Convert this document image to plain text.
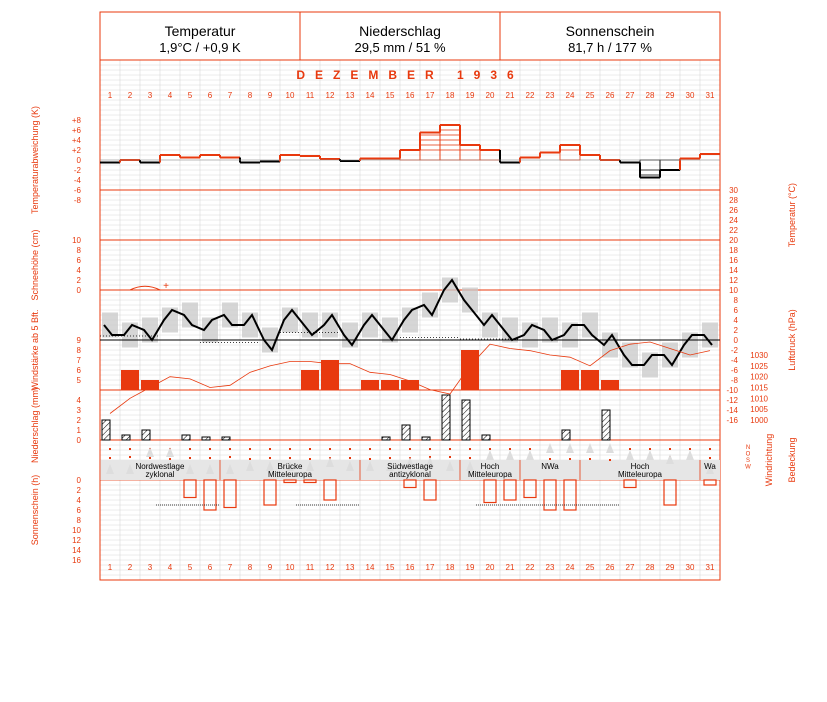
Temperatur
1,9°C / +0,9 K
Niederschlag
29,5 mm / 51 %
Sonnenschein
81,7 h / 177 %
DEZEMBER 1936
1
1
2
2
3
3
4
4
5
5
6
6
7
7
8
8
9
9
10
10
11
11
12
12
13
13
14
14
15
15
16
16
17
17
18
18
19
19
20
20
21
21
22
22
23
23
24
24
25
25
26
26
27
27
28
28
29
29
30
30
31
31
Temperaturabweichung (K)
Schneehöhe (cm)
Windstärke ab 5 Bft.
Niederschlag (mm)
Sonnenschein (h)
Temperatur (°C)
Luftdruck (hPa)
Windrichtung Bedeckung
+8
+6
+4
+2
0
-2
-4
-6
-8
10
8
6
4
2
0
9
8
7
6
5
4
3
2
1
0
0
2
4
6
8
10
12
14
16
30
28
26
24
22
20
18
16
14
12
10
8
6
4
2
0
-2
-4
-6
-8
-10
-12
-14
-16
1030
1025
1020
1015
1010
1005
1000
N
O
S
W
+
Nordwestlage
zyklonal
Brücke
Mitteleuropa
Südwestlage
antizyklonal
Hoch
Mitteleuropa
NWa	Hoch
Mitteleuropa
Wa
